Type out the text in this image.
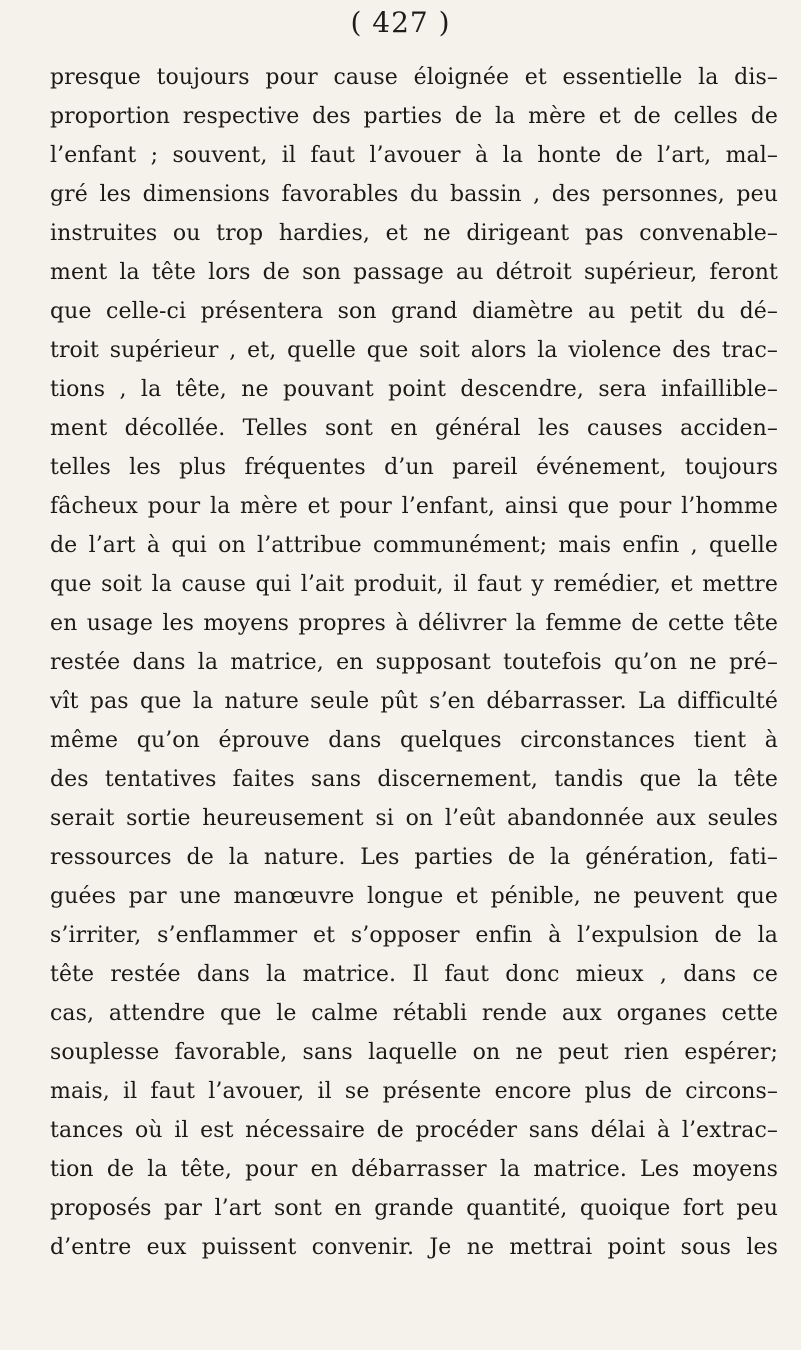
( 427 )
presque toujours pour cause éloignée et essentielle la dis–
proportion respective des parties de la mère et de celles de
l’enfant ; souvent, il faut l’avouer à la honte de l’art, mal–
gré les dimensions favorables du bassin , des personnes, peu
instruites ou trop hardies, et ne dirigeant pas convenable–
ment la tête lors de son passage au détroit supérieur, feront
que celle-ci présentera son grand diamètre au petit du dé–
troit supérieur , et, quelle que soit alors la violence des trac–
tions , la tête, ne pouvant point descendre, sera infaillible–
ment décollée. Telles sont en général les causes acciden–
telles les plus fréquentes d’un pareil événement, toujours
fâcheux pour la mère et pour l’enfant, ainsi que pour l’homme
de l’art à qui on l’attribue communément; mais enfin , quelle
que soit la cause qui l’ait produit, il faut y remédier, et mettre
en usage les moyens propres à délivrer la femme de cette tête
restée dans la matrice, en supposant toutefois qu’on ne pré–
vît pas que la nature seule pût s’en débarrasser. La difficulté
même qu’on éprouve dans quelques circonstances tient à
des tentatives faites sans discernement, tandis que la tête
serait sortie heureusement si on l’eût abandonnée aux seules
ressources de la nature. Les parties de la génération, fati–
guées par une manœuvre longue et pénible, ne peuvent que
s’irriter, s’enflammer et s’opposer enfin à l’expulsion de la
tête restée dans la matrice. Il faut donc mieux , dans ce
cas, attendre que le calme rétabli rende aux organes cette
souplesse favorable, sans laquelle on ne peut rien espérer;
mais, il faut l’avouer, il se présente encore plus de circons–
tances où il est nécessaire de procéder sans délai à l’extrac–
tion de la tête, pour en débarrasser la matrice. Les moyens
proposés par l’art sont en grande quantité, quoique fort peu
d’entre eux puissent convenir. Je ne mettrai point sous les
